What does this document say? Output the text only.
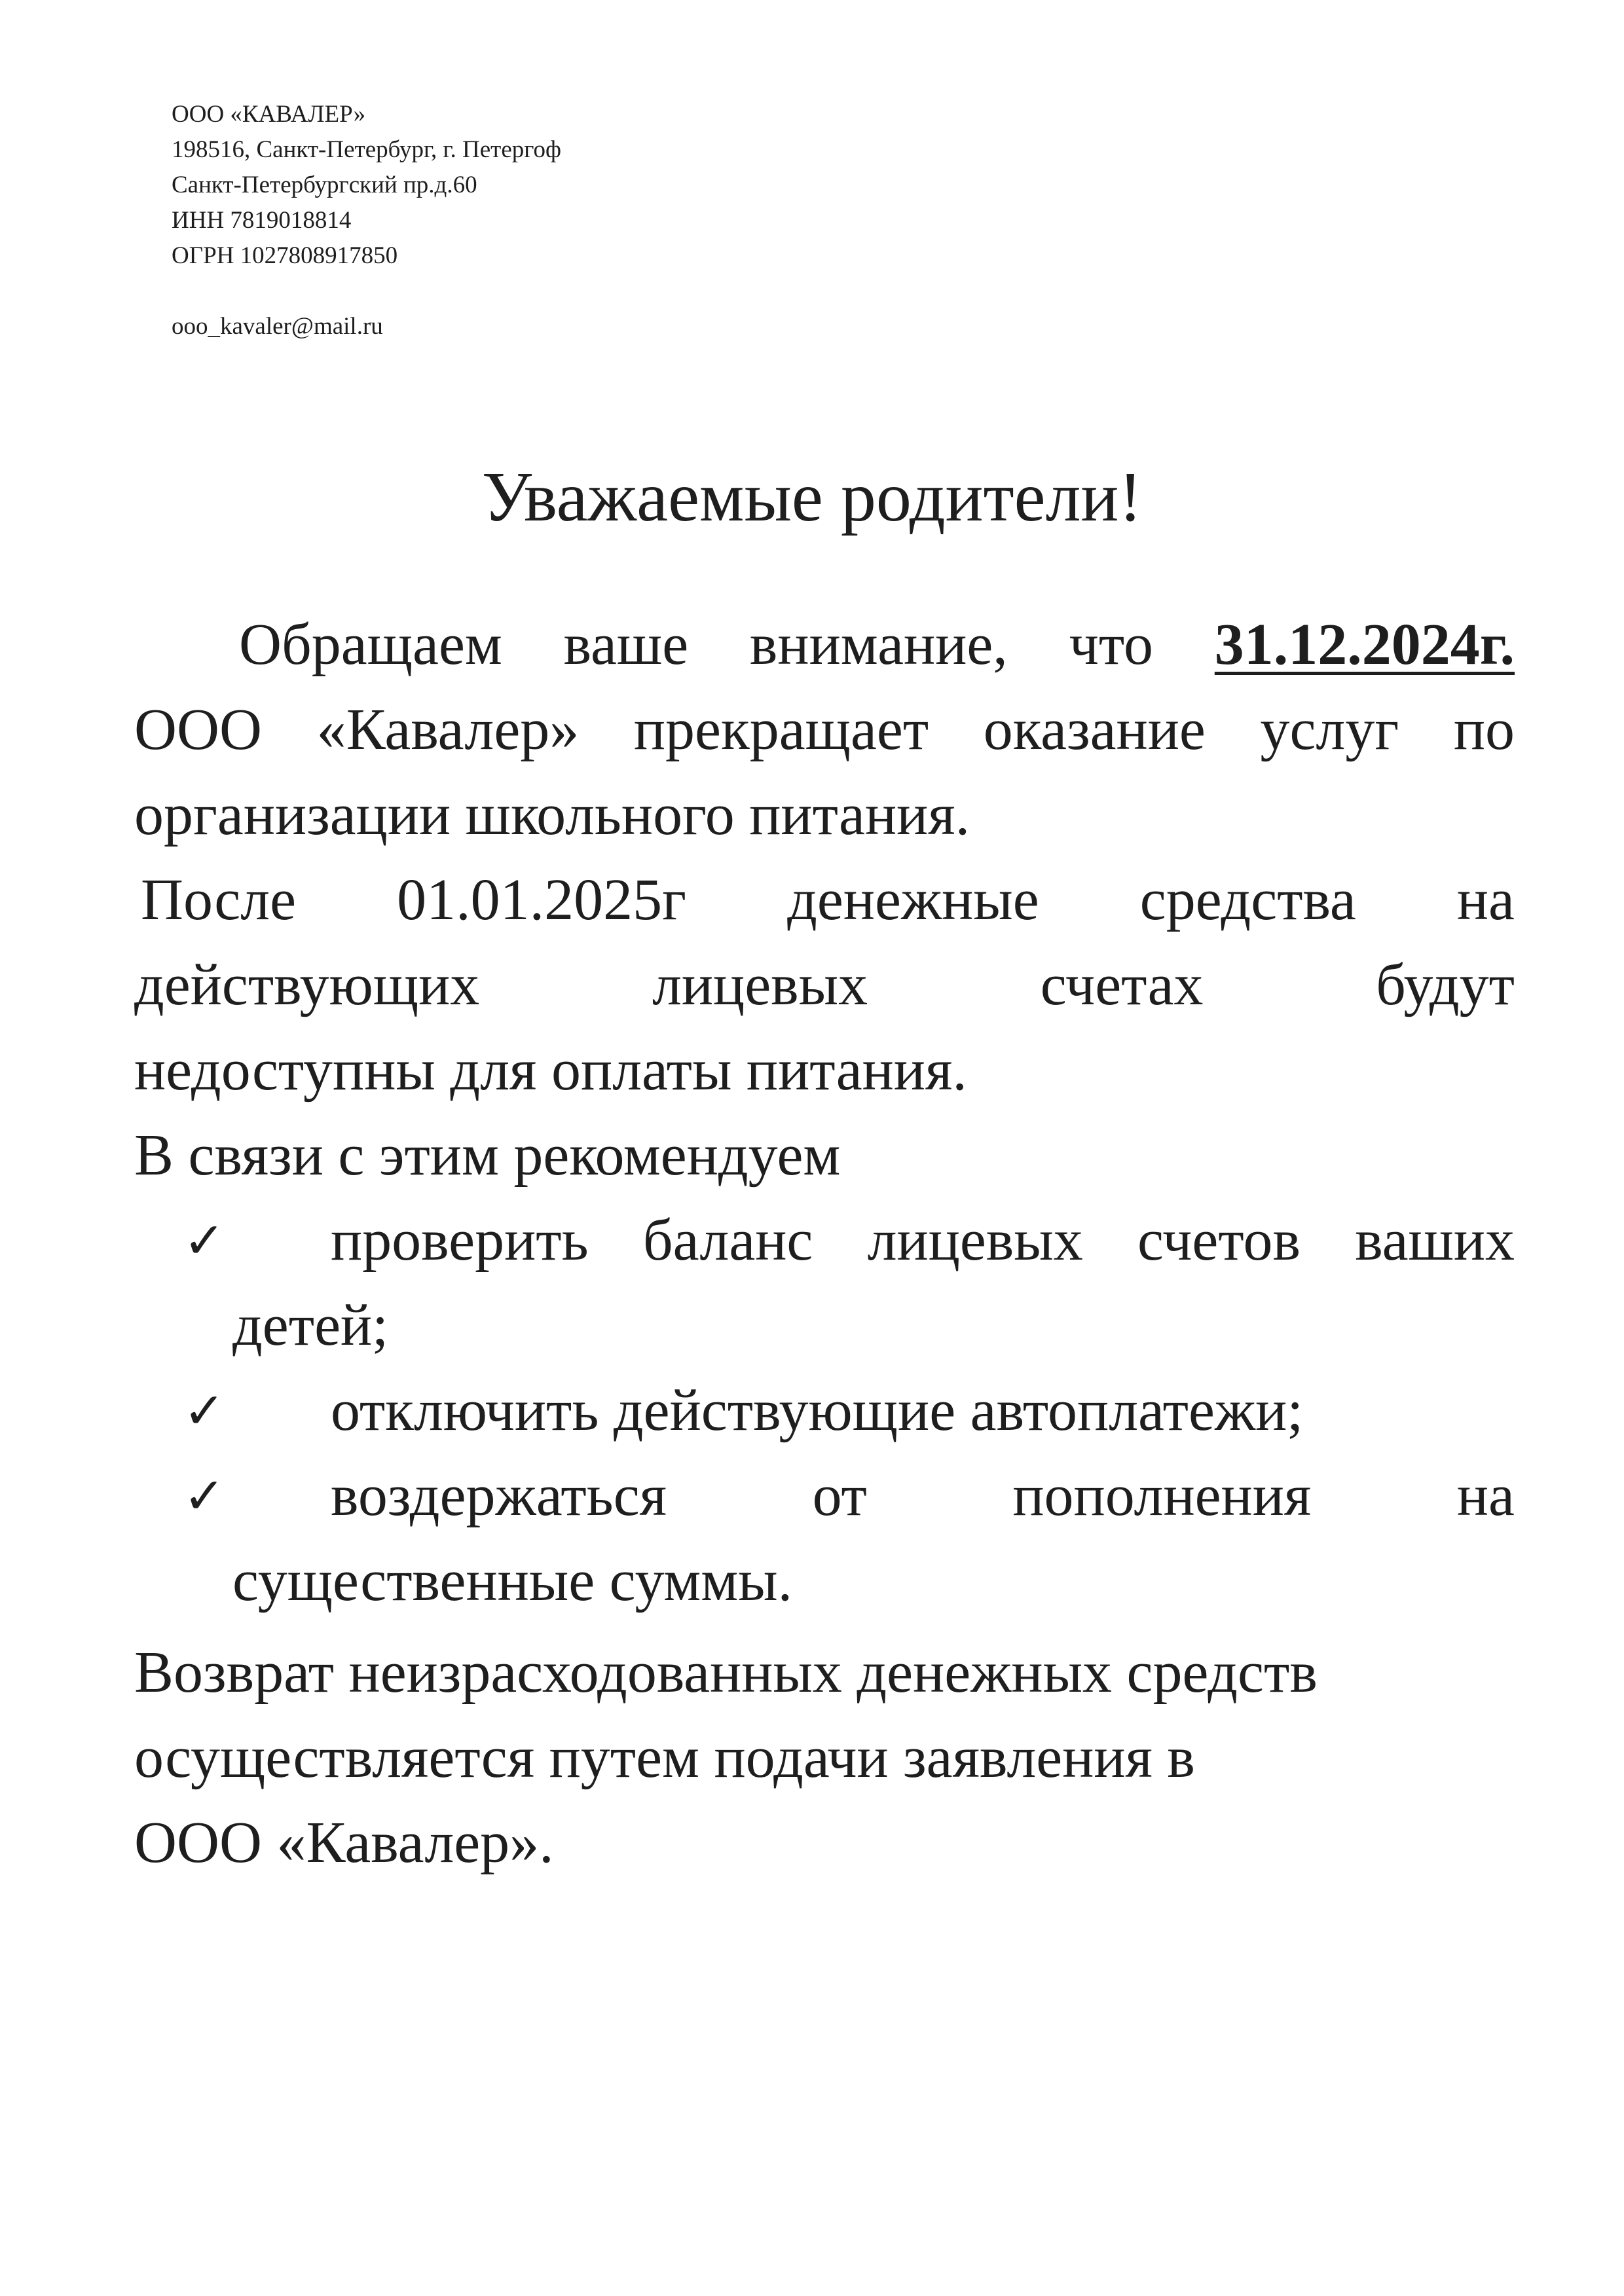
ООО «КАВАЛЕР»
198516, Санкт-Петербург, г. Петергоф
Санкт-Петербургский пр.д.60
ИНН 7819018814
ОГРН 1027808917850
ooo_kavaler@mail.ru
Уважаемые родители!
Обращаем ваше внимание, что 31.12.2024г.
ООО «Кавалер» прекращает оказание услуг по
организации школьного питания.
После 01.01.2025г денежные средства на
действующих лицевых счетах будут
недоступны для оплаты питания.
В связи с этим рекомендуем
✓ проверить баланс лицевых счетов ваших
детей;
✓ отключить действующие автоплатежи;
✓ воздержаться от пополнения на
существенные суммы.
Возврат неизрасходованных денежных средств
осуществляется путем подачи заявления в
ООО «Кавалер».
